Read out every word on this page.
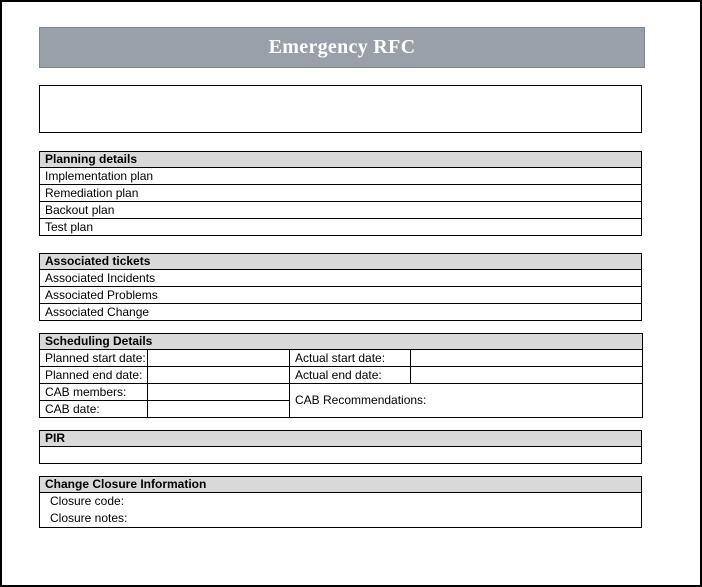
Emergency RFC
Planning details
Implementation plan
Remediation plan
Backout plan
Test plan
Associated tickets
Associated Incidents
Associated Problems
Associated Change
Scheduling Details			
Planned start date:		Actual start date:	
Planned end date:		Actual end date:	
CAB members:		CAB Recommendations:	
CAB date:			
PIR

Change Closure Information

Closure code:
Closure notes:
